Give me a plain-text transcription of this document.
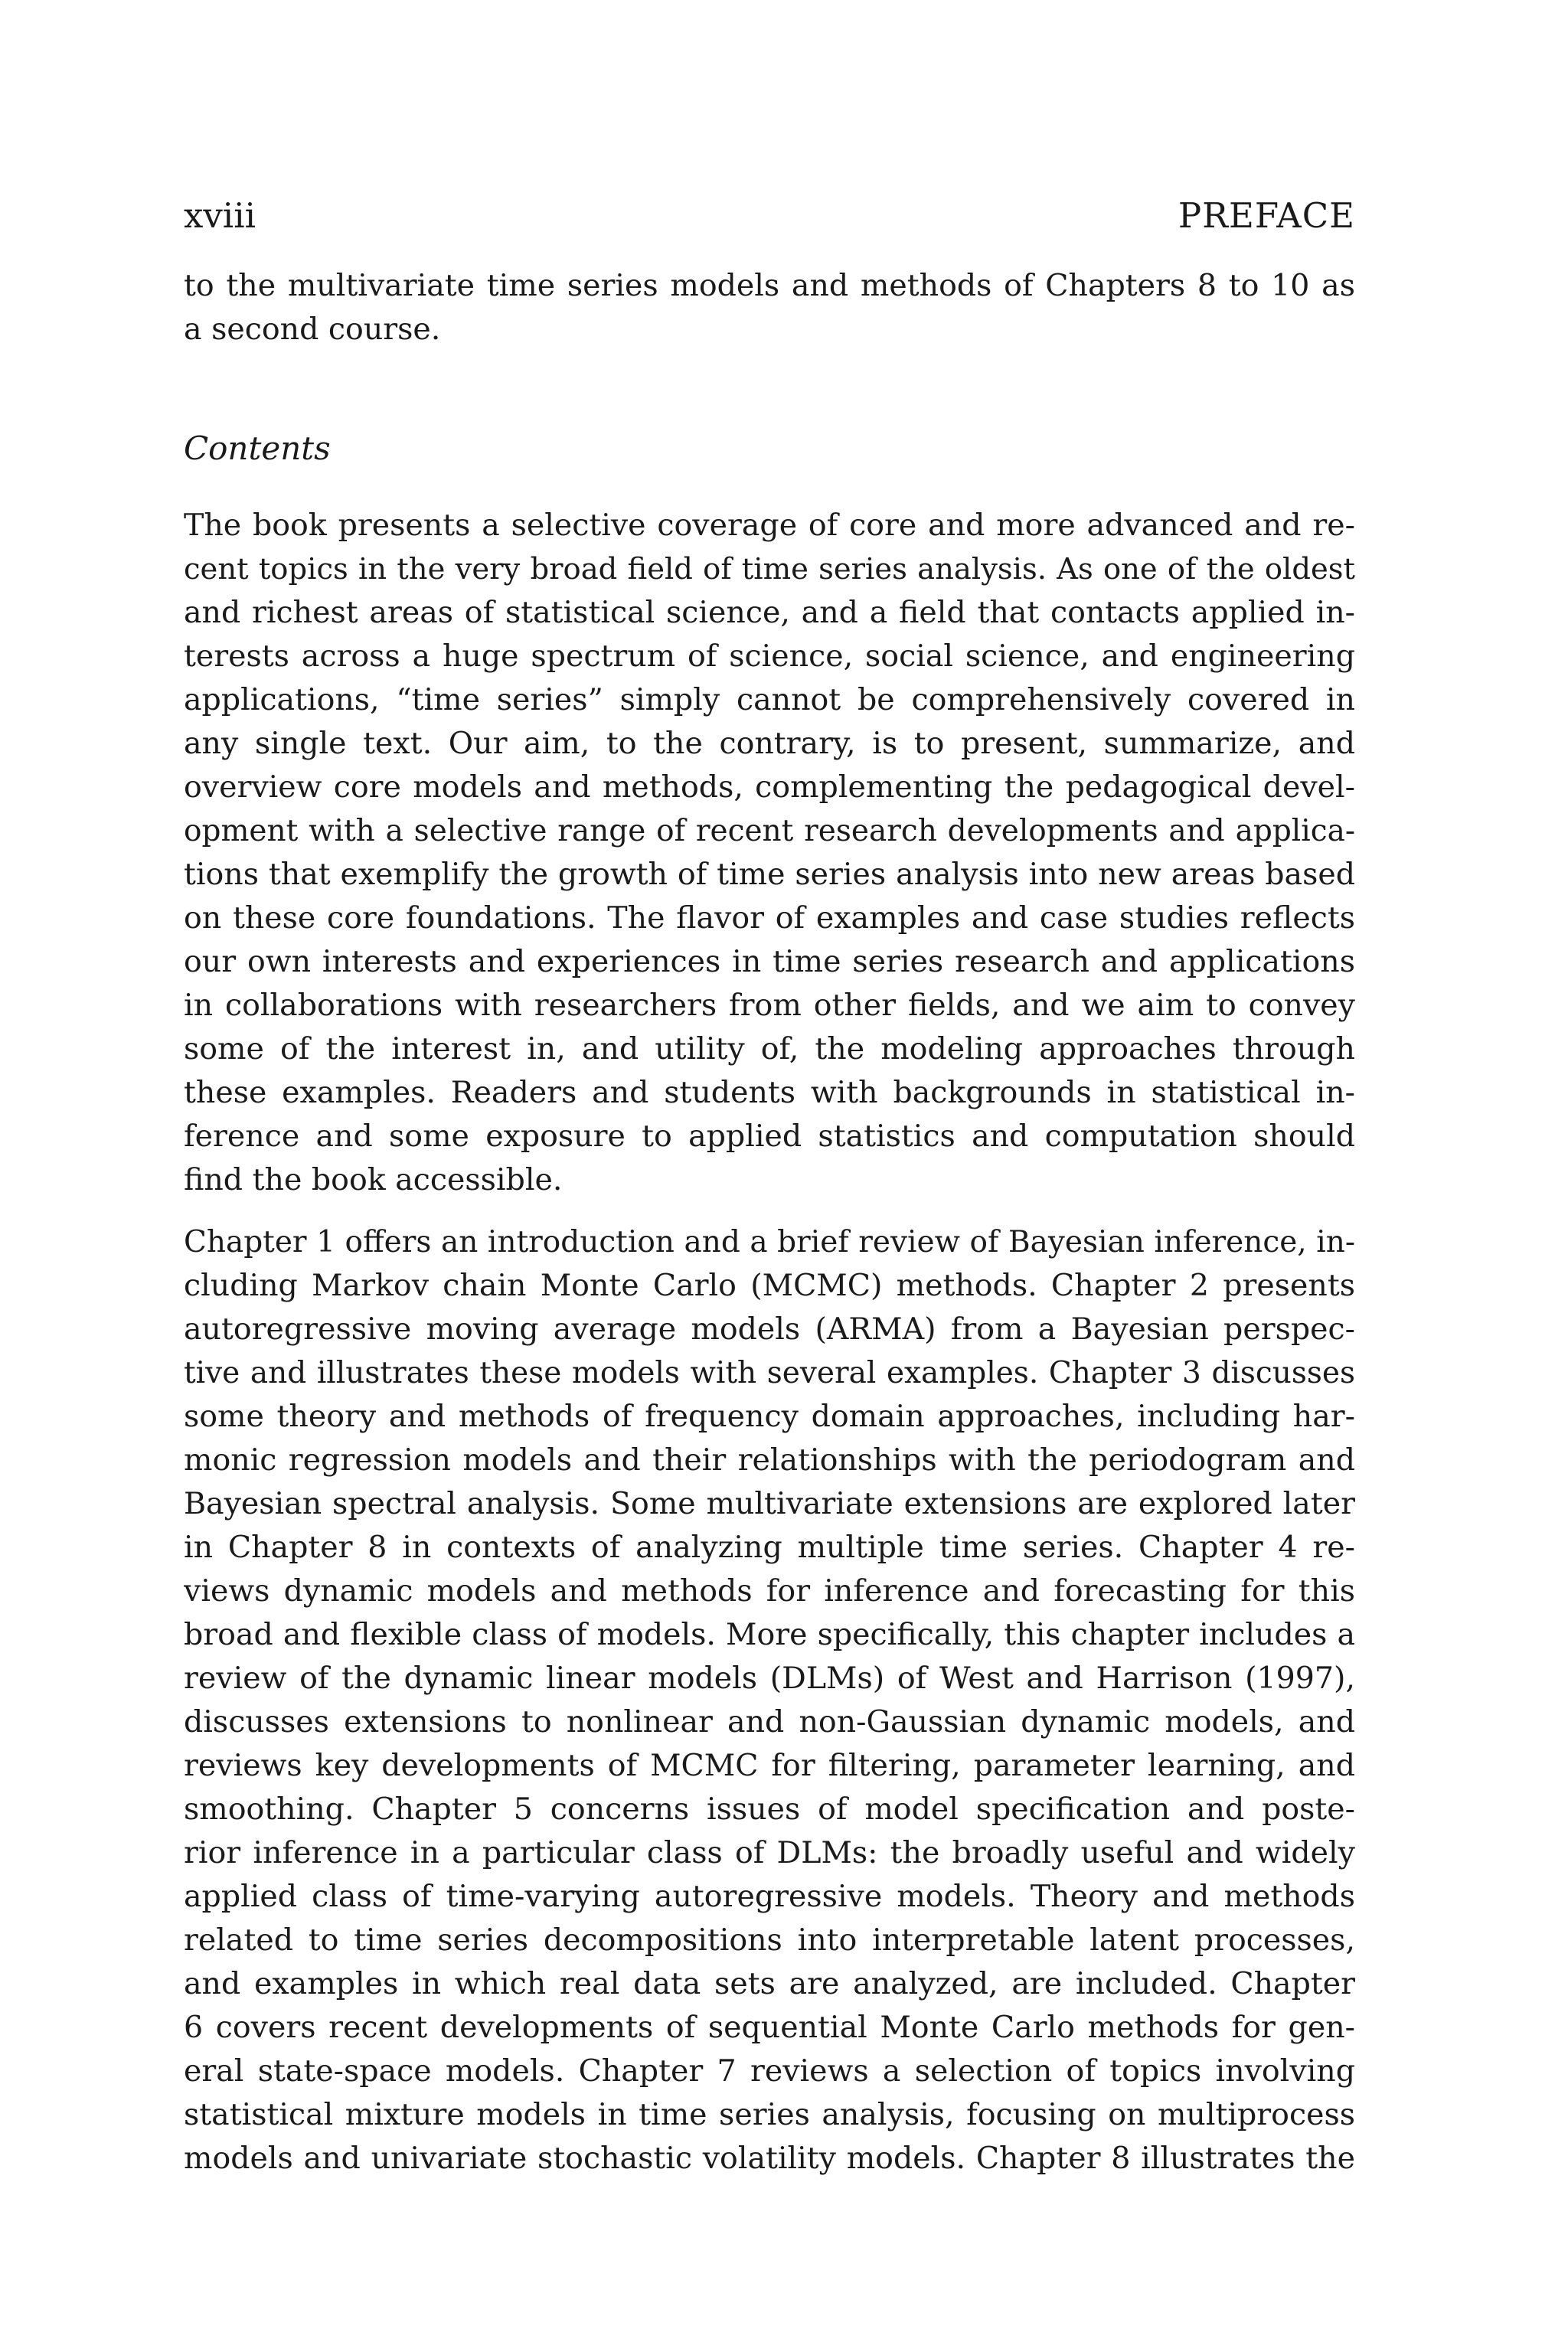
xviii	PREFACE
to the multivariate time series models and methods of Chapters 8 to 10 as
a second course.
Contents
The book presents a selective coverage of core and more advanced and re-
cent topics in the very broad field of time series analysis. As one of the oldest
and richest areas of statistical science, and a field that contacts applied in-
terests across a huge spectrum of science, social science, and engineering
applications, “time series” simply cannot be comprehensively covered in
any single text. Our aim, to the contrary, is to present, summarize, and
overview core models and methods, complementing the pedagogical devel-
opment with a selective range of recent research developments and applica-
tions that exemplify the growth of time series analysis into new areas based
on these core foundations. The flavor of examples and case studies reflects
our own interests and experiences in time series research and applications
in collaborations with researchers from other fields, and we aim to convey
some of the interest in, and utility of, the modeling approaches through
these examples. Readers and students with backgrounds in statistical in-
ference and some exposure to applied statistics and computation should
find the book accessible.
Chapter 1 offers an introduction and a brief review of Bayesian inference, in-
cluding Markov chain Monte Carlo (MCMC) methods. Chapter 2 presents
autoregressive moving average models (ARMA) from a Bayesian perspec-
tive and illustrates these models with several examples. Chapter 3 discusses
some theory and methods of frequency domain approaches, including har-
monic regression models and their relationships with the periodogram and
Bayesian spectral analysis. Some multivariate extensions are explored later
in Chapter 8 in contexts of analyzing multiple time series. Chapter 4 re-
views dynamic models and methods for inference and forecasting for this
broad and flexible class of models. More specifically, this chapter includes a
review of the dynamic linear models (DLMs) of West and Harrison (1997),
discusses extensions to nonlinear and non-Gaussian dynamic models, and
reviews key developments of MCMC for filtering, parameter learning, and
smoothing. Chapter 5 concerns issues of model specification and poste-
rior inference in a particular class of DLMs: the broadly useful and widely
applied class of time-varying autoregressive models. Theory and methods
related to time series decompositions into interpretable latent processes,
and examples in which real data sets are analyzed, are included. Chapter
6 covers recent developments of sequential Monte Carlo methods for gen-
eral state-space models. Chapter 7 reviews a selection of topics involving
statistical mixture models in time series analysis, focusing on multiprocess
models and univariate stochastic volatility models. Chapter 8 illustrates the
